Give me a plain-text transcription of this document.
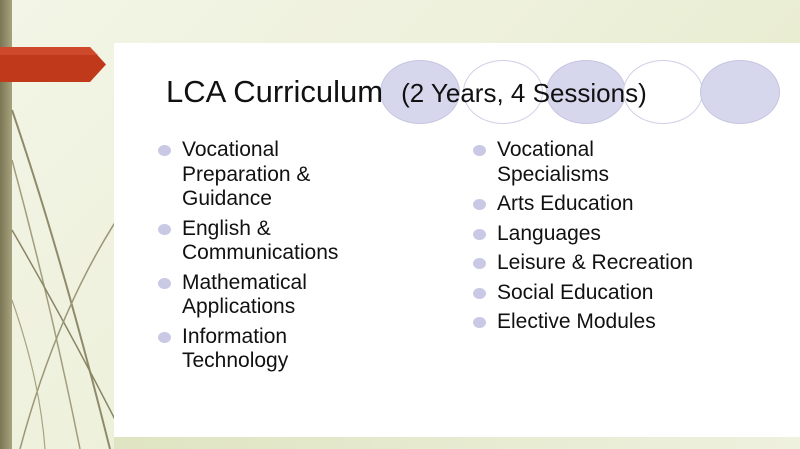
LCA Curriculum (2 Years, 4 Sessions)
Vocational
Preparation &
Guidance
English &
Communications
Mathematical
Applications
Information
Technology
Vocational
Specialisms
Arts Education
Languages
Leisure & Recreation
Social Education
Elective Modules
